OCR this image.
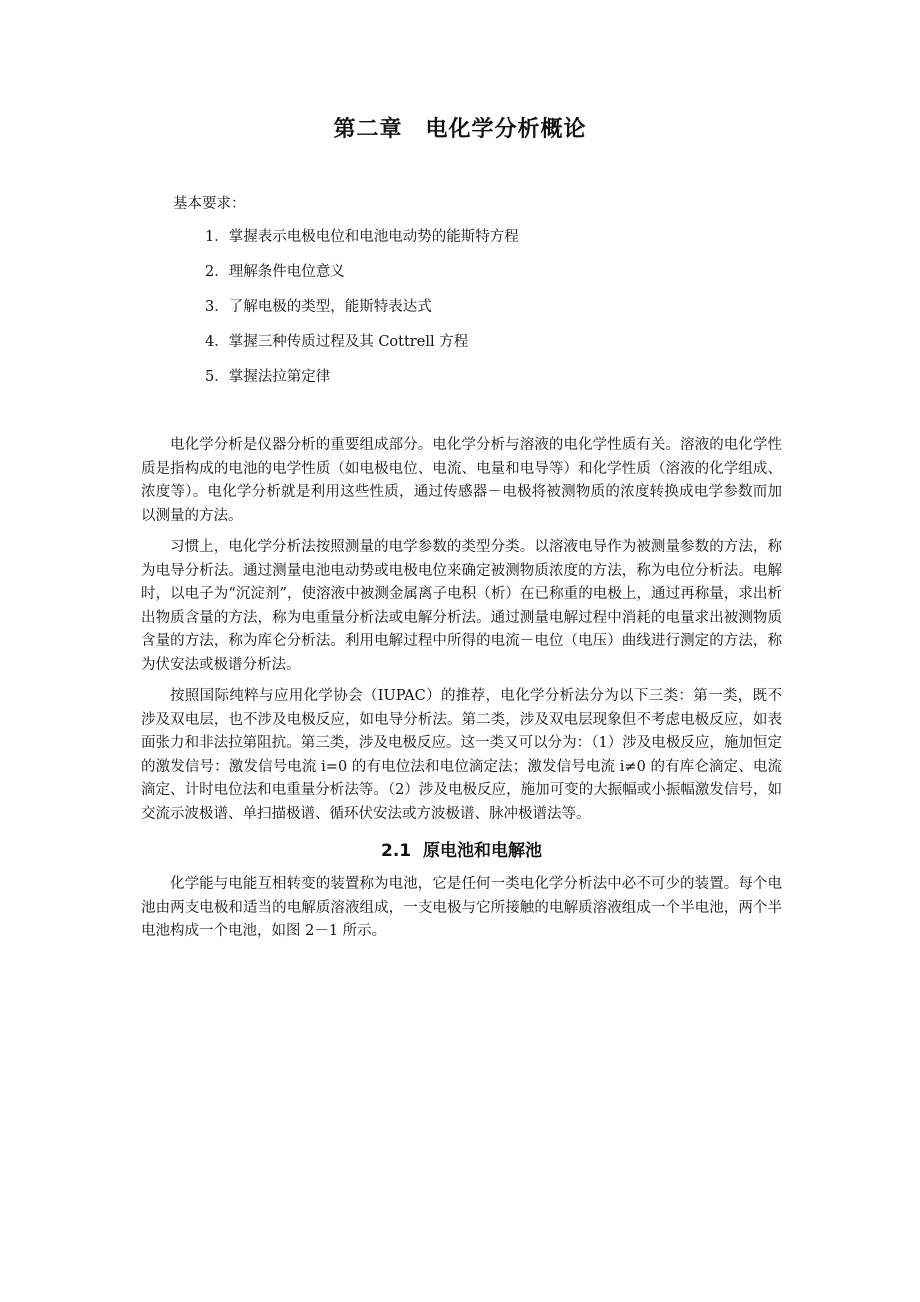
第二章　电化学分析概论
基本要求：
1．掌握表示电极电位和电池电动势的能斯特方程
2．理解条件电位意义
3．了解电极的类型，能斯特表达式
4．掌握三种传质过程及其 Cottrell 方程
5．掌握法拉第定律

电化学分析是仪器分析的重要组成部分。电化学分析与溶液的电化学性质有关。溶液的电化学性质是指构成的电池的电学性质（如电极电位、电流、电量和电导等）和化学性质（溶液的化学组成、浓度等）。电化学分析就是利用这些性质，通过传感器－电极将被测物质的浓度转换成电学参数而加以测量的方法。

习惯上，电化学分析法按照测量的电学参数的类型分类。以溶液电导作为被测量参数的方法，称为电导分析法。通过测量电池电动势或电极电位来确定被测物质浓度的方法，称为电位分析法。电解时，以电子为“沉淀剂”，使溶液中被测金属离子电积（析）在已称重的电极上，通过再称量，求出析出物质含量的方法，称为电重量分析法或电解分析法。通过测量电解过程中消耗的电量求出被测物质含量的方法，称为库仑分析法。利用电解过程中所得的电流－电位（电压）曲线进行测定的方法，称为伏安法或极谱分析法。

按照国际纯粹与应用化学协会（IUPAC）的推荐，电化学分析法分为以下三类：第一类，既不涉及双电层，也不涉及电极反应，如电导分析法。第二类，涉及双电层现象但不考虑电极反应，如表面张力和非法拉第阻抗。第三类，涉及电极反应。这一类又可以分为：（1）涉及电极反应，施加恒定的激发信号：激发信号电流 i=0 的有电位法和电位滴定法；激发信号电流 i≠0 的有库仑滴定、电流滴定、计时电位法和电重量分析法等。（2）涉及电极反应，施加可变的大振幅或小振幅激发信号，如交流示波极谱、单扫描极谱、循环伏安法或方波极谱、脉冲极谱法等。

2.1  原电池和电解池

化学能与电能互相转变的装置称为电池，它是任何一类电化学分析法中必不可少的装置。每个电池由两支电极和适当的电解质溶液组成，一支电极与它所接触的电解质溶液组成一个半电池，两个半电池构成一个电池，如图 2－1 所示。
